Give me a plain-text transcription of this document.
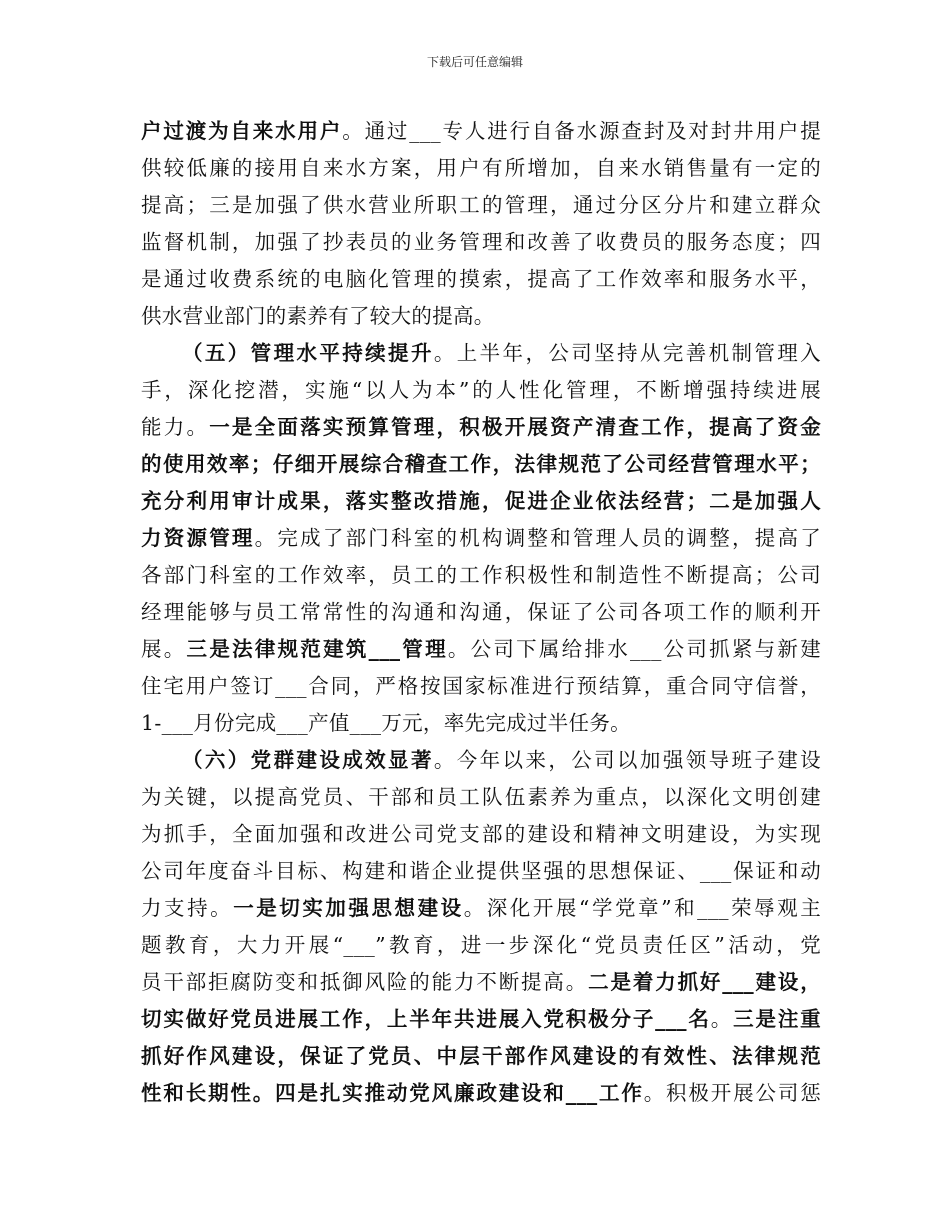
下载后可任意编辑
户过渡为自来水用户。通过___专人进行自备水源查封及对封井用户提
供较低廉的接用自来水方案，用户有所增加，自来水销售量有一定的
提高；三是加强了供水营业所职工的管理，通过分区分片和建立群众
监督机制，加强了抄表员的业务管理和改善了收费员的服务态度；四
是通过收费系统的电脑化管理的摸索，提高了工作效率和服务水平，
供水营业部门的素养有了较大的提高。
（五）管理水平持续提升。上半年，公司坚持从完善机制管理入
手，深化挖潜，实施“以人为本”的人性化管理，不断增强持续进展
能力。一是全面落实预算管理，积极开展资产清查工作，提高了资金
的使用效率；仔细开展综合稽查工作，法律规范了公司经营管理水平；
充分利用审计成果，落实整改措施，促进企业依法经营；二是加强人
力资源管理。完成了部门科室的机构调整和管理人员的调整，提高了
各部门科室的工作效率，员工的工作积极性和制造性不断提高；公司
经理能够与员工常常性的沟通和沟通，保证了公司各项工作的顺利开
展。三是法律规范建筑___管理。公司下属给排水___公司抓紧与新建
住宅用户签订___合同，严格按国家标准进行预结算，重合同守信誉，
1-___月份完成___产值___万元，率先完成过半任务。
（六）党群建设成效显著。今年以来，公司以加强领导班子建设
为关键，以提高党员、干部和员工队伍素养为重点，以深化文明创建
为抓手，全面加强和改进公司党支部的建设和精神文明建设，为实现
公司年度奋斗目标、构建和谐企业提供坚强的思想保证、___保证和动
力支持。一是切实加强思想建设。深化开展“学党章”和___荣辱观主
题教育，大力开展“___”教育，进一步深化“党员责任区”活动，党
员干部拒腐防变和抵御风险的能力不断提高。二是着力抓好___建设，
切实做好党员进展工作，上半年共进展入党积极分子___名。三是注重
抓好作风建设，保证了党员、中层干部作风建设的有效性、法律规范
性和长期性。四是扎实推动党风廉政建设和___工作。积极开展公司惩
